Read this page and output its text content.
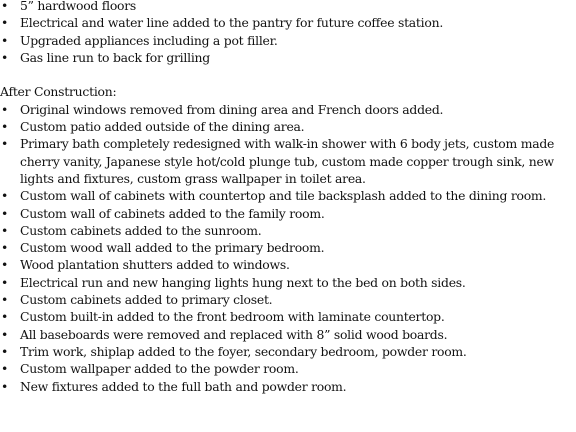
• 5” hardwood floors
• Electrical and water line added to the pantry for future coffee station.
• Upgraded appliances including a pot filler.
• Gas line run to back for grilling
After Construction:
• Original windows removed from dining area and French doors added.
• Custom patio added outside of the dining area.
• Primary bath completely redesigned with walk-in shower with 6 body jets, custom made cherry vanity, Japanese style hot/cold plunge tub, custom made copper trough sink, new lights and fixtures, custom grass wallpaper in toilet area.
• Custom wall of cabinets with countertop and tile backsplash added to the dining room.
• Custom wall of cabinets added to the family room.
• Custom cabinets added to the sunroom.
• Custom wood wall added to the primary bedroom.
• Wood plantation shutters added to windows.
• Electrical run and new hanging lights hung next to the bed on both sides.
• Custom cabinets added to primary closet.
• Custom built-in added to the front bedroom with laminate countertop.
• All baseboards were removed and replaced with 8” solid wood boards.
• Trim work, shiplap added to the foyer, secondary bedroom, powder room.
• Custom wallpaper added to the powder room.
• New fixtures added to the full bath and powder room.
